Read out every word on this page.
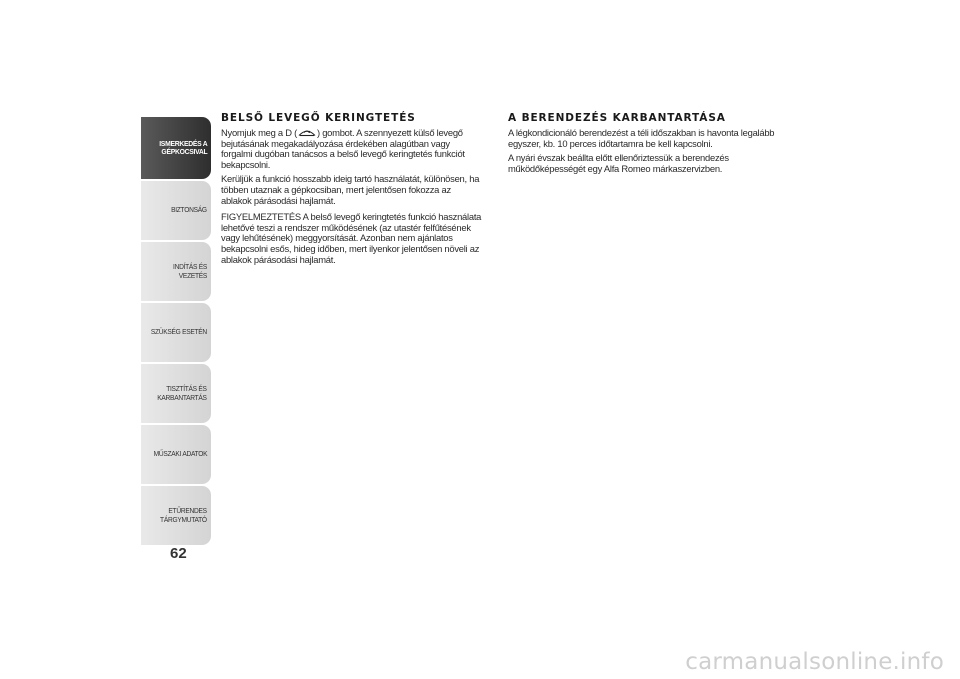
ISMERKEDÉS A
GÉPKOCSIVAL
BIZTONSÁG
INDÍTÁS ÉS VEZETÉS
SZÜKSÉG ESETÉN
TISZTÍTÁS ÉS
KARBANTARTÁS
MŰSZAKI ADATOK
ETŰRENDES
TÁRGYMUTATÓ
62
BELSŐ LEVEGŐ KERINGTETÉS

Nyomjuk meg a D ( ) gombot. A szennyezett külső levegő bejutásának megakadályozása érdekében alagútban vagy forgalmi dugóban tanácsos a belső levegő keringtetés funkciót bekapcsolni.

Kerüljük a funkció hosszabb ideig tartó használatát, különösen, ha többen utaznak a gépkocsiban, mert jelentősen fokozza az ablakok párásodási hajlamát.

FIGYELMEZTETÉS A belső levegő keringtetés funkció használata lehetővé teszi a rendszer működésének (az utastér felfűtésének vagy lehűtésének) meggyorsítását. Azonban nem ajánlatos bekapcsolni esős, hideg időben, mert ilyenkor jelentősen növeli az ablakok párásodási hajlamát.

A BERENDEZÉS KARBANTARTÁSA

A légkondicionáló berendezést a téli időszakban is havonta legalább egyszer, kb. 10 perces időtartamra be kell kapcsolni.

A nyári évszak beállta előtt ellenőriztessük a berendezés működőképességét egy Alfa Romeo márkaszervizben.

carmanualsonline.info
